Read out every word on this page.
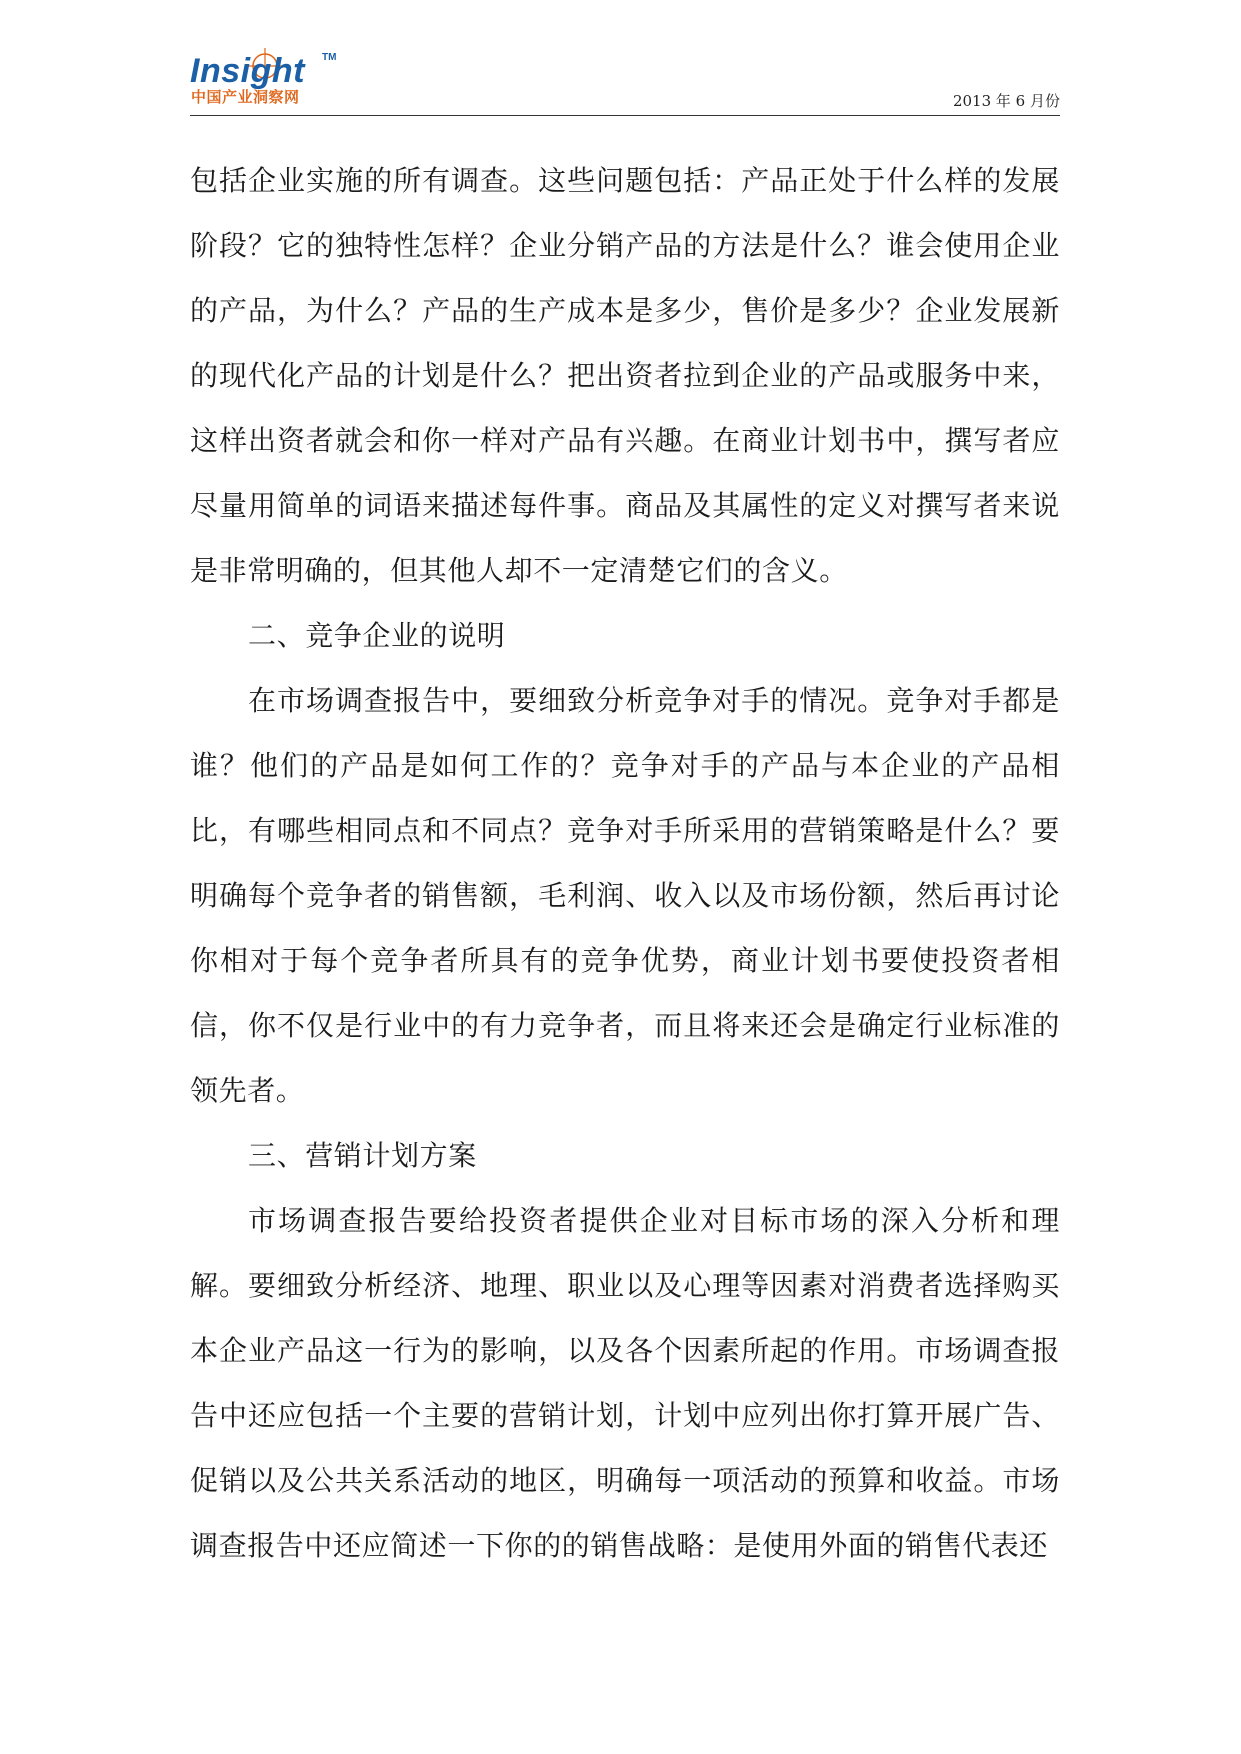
Insight TM
中国产业洞察网	2013 年 6 月份

包括企业实施的所有调查。这些问题包括：产品正处于什么样的发展阶段？它的独特性怎样？企业分销产品的方法是什么？谁会使用企业的产品，为什么？产品的生产成本是多少，售价是多少？企业发展新的现代化产品的计划是什么？把出资者拉到企业的产品或服务中来，这样出资者就会和你一样对产品有兴趣。在商业计划书中，撰写者应尽量用简单的词语来描述每件事。商品及其属性的定义对撰写者来说是非常明确的，但其他人却不一定清楚它们的含义。

二、竞争企业的说明

在市场调查报告中，要细致分析竞争对手的情况。竞争对手都是谁？他们的产品是如何工作的？竞争对手的产品与本企业的产品相比，有哪些相同点和不同点？竞争对手所采用的营销策略是什么？要明确每个竞争者的销售额，毛利润、收入以及市场份额，然后再讨论你相对于每个竞争者所具有的竞争优势，商业计划书要使投资者相信，你不仅是行业中的有力竞争者，而且将来还会是确定行业标准的领先者。

三、营销计划方案

市场调查报告要给投资者提供企业对目标市场的深入分析和理解。要细致分析经济、地理、职业以及心理等因素对消费者选择购买本企业产品这一行为的影响，以及各个因素所起的作用。市场调查报告中还应包括一个主要的营销计划，计划中应列出你打算开展广告、促销以及公共关系活动的地区，明确每一项活动的预算和收益。市场调查报告中还应简述一下你的的销售战略：是使用外面的销售代表还
